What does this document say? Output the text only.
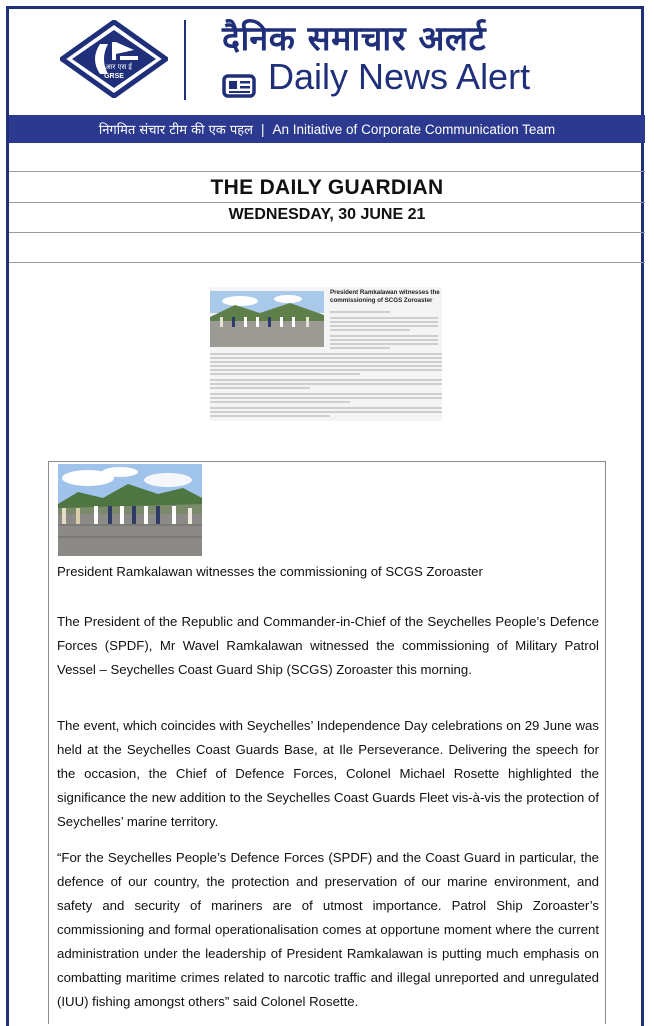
जी आर एस ई
GRSE
दैनिक समाचार अलर्ट
Daily News Alert
निगमित संचार टीम की एक पहल | An Initiative of Corporate Communication Team
THE DAILY GUARDIAN
WEDNESDAY, 30 JUNE 21
President Ramkalawan witnesses the commissioning of SCGS Zoroaster
President Ramkalawan witnesses the commissioning of SCGS Zoroaster
The President of the Republic and Commander-in-Chief of the Seychelles People’s Defence Forces (SPDF), Mr Wavel Ramkalawan witnessed the commissioning of Military Patrol Vessel – Seychelles Coast Guard Ship (SCGS) Zoroaster this morning.
The event, which coincides with Seychelles’ Independence Day celebrations on 29 June was held at the Seychelles Coast Guards Base, at Ile Perseverance. Delivering the speech for the occasion, the Chief of Defence Forces, Colonel Michael Rosette highlighted the significance the new addition to the Seychelles Coast Guards Fleet vis-à-vis the protection of Seychelles’ marine territory.
“For the Seychelles People’s Defence Forces (SPDF) and the Coast Guard in particular, the defence of our country, the protection and preservation of our marine environment, and safety and security of mariners are of utmost importance. Patrol Ship Zoroaster’s commissioning and formal operationalisation comes at opportune moment where the current administration under the leadership of President Ramkalawan is putting much emphasis on combatting maritime crimes related to narcotic traffic and illegal unreported and unregulated (IUU) fishing amongst others” said Colonel Rosette.
